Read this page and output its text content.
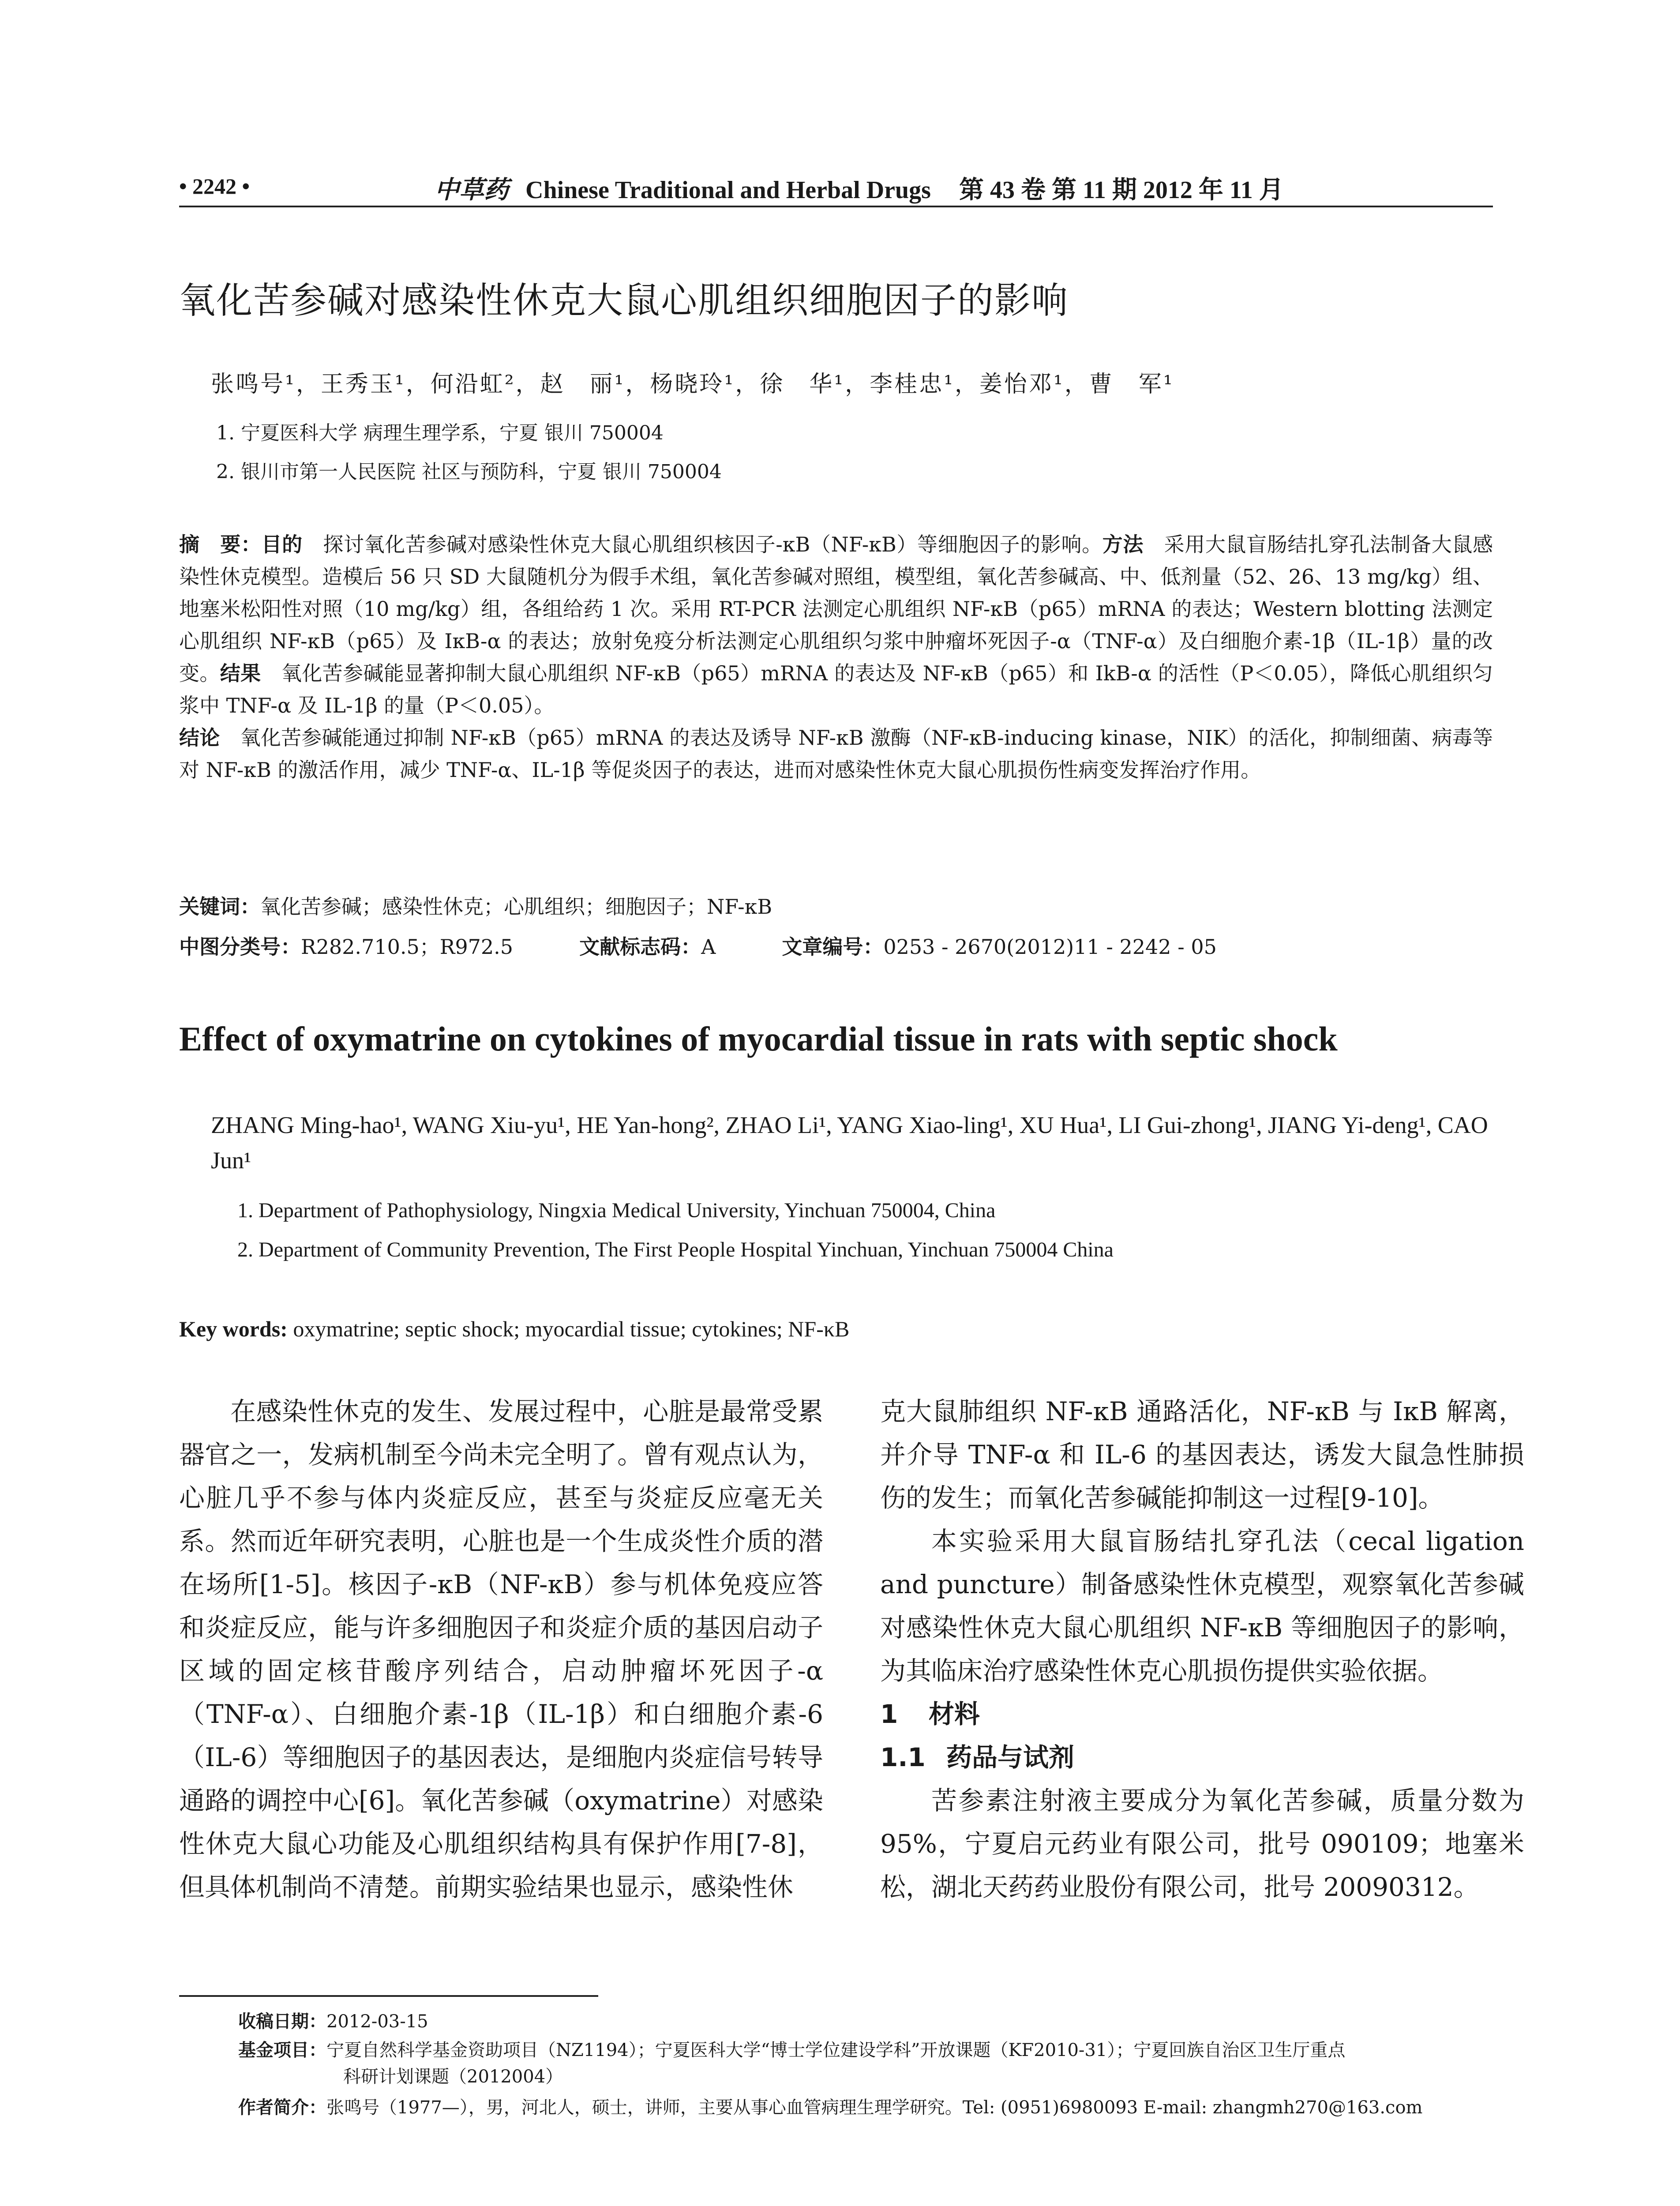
• 2242 •	中草药 Chinese Traditional and Herbal Drugs 第 43 卷 第 11 期 2012 年 11 月
氧化苦参碱对感染性休克大鼠心肌组织细胞因子的影响
张鸣号¹，王秀玉¹，何沿虹²，赵　丽¹，杨晓玲¹，徐　华¹，李桂忠¹，姜怡邓¹，曹　军¹
1. 宁夏医科大学 病理生理学系，宁夏 银川 750004
2. 银川市第一人民医院 社区与预防科，宁夏 银川 750004

摘　要：目的　探讨氧化苦参碱对感染性休克大鼠心肌组织核因子-κB（NF-κB）等细胞因子的影响。方法　采用大鼠盲肠结扎穿孔法制备大鼠感染性休克模型。造模后 56 只 SD 大鼠随机分为假手术组，氧化苦参碱对照组，模型组，氧化苦参碱高、中、低剂量（52、26、13 mg/kg）组、地塞米松阳性对照（10 mg/kg）组，各组给药 1 次。采用 RT-PCR 法测定心肌组织 NF-κB（p65）mRNA 的表达；Western blotting 法测定心肌组织 NF-κB（p65）及 IκB-α 的表达；放射免疫分析法测定心肌组织匀浆中肿瘤坏死因子-α（TNF-α）及白细胞介素-1β（IL-1β）量的改变。结果　氧化苦参碱能显著抑制大鼠心肌组织 NF-κB（p65）mRNA 的表达及 NF-κB（p65）和 IkB-α 的活性（P＜0.05），降低心肌组织匀浆中 TNF-α 及 IL-1β 的量（P＜0.05）。

结论　氧化苦参碱能通过抑制 NF-κB（p65）mRNA 的表达及诱导 NF-κB 激酶（NF-κB-inducing kinase，NIK）的活化，抑制细菌、病毒等对 NF-κB 的激活作用，减少 TNF-α、IL-1β 等促炎因子的表达，进而对感染性休克大鼠心肌损伤性病变发挥治疗作用。

关键词：氧化苦参碱；感染性休克；心肌组织；细胞因子；NF-κB
中图分类号：R282.710.5；R972.5	文献标志码：A	文章编号：0253 - 2670(2012)11 - 2242 - 05
Effect of oxymatrine on cytokines of myocardial tissue in rats with septic shock
ZHANG Ming-hao¹, WANG Xiu-yu¹, HE Yan-hong², ZHAO Li¹, YANG Xiao-ling¹, XU Hua¹, LI Gui-zhong¹, JIANG Yi-deng¹, CAO Jun¹
1. Department of Pathophysiology, Ningxia Medical University, Yinchuan 750004, China
2. Department of Community Prevention, The First People Hospital Yinchuan, Yinchuan 750004 China
Key words: oxymatrine; septic shock; myocardial tissue; cytokines; NF-κB

在感染性休克的发生、发展过程中，心脏是最常受累器官之一，发病机制至今尚未完全明了。曾有观点认为，心脏几乎不参与体内炎症反应，甚至与炎症反应毫无关系。然而近年研究表明，心脏也是一个生成炎性介质的潜在场所[1-5]。核因子-κB（NF-κB）参与机体免疫应答和炎症反应，能与许多细胞因子和炎症介质的基因启动子区域的固定核苷酸序列结合，启动肿瘤坏死因子-α（TNF-α）、白细胞介素-1β（IL-1β）和白细胞介素-6（IL-6）等细胞因子的基因表达，是细胞内炎症信号转导通路的调控中心[6]。氧化苦参碱（oxymatrine）对感染性休克大鼠心功能及心肌组织结构具有保护作用[7-8]，但具体机制尚不清楚。前期实验结果也显示，感染性休

克大鼠肺组织 NF-κB 通路活化，NF-κB 与 IκB 解离，并介导 TNF-α 和 IL-6 的基因表达，诱发大鼠急性肺损伤的发生；而氧化苦参碱能抑制这一过程[9-10]。

本实验采用大鼠盲肠结扎穿孔法（cecal ligation and puncture）制备感染性休克模型，观察氧化苦参碱对感染性休克大鼠心肌组织 NF-κB 等细胞因子的影响，为其临床治疗感染性休克心肌损伤提供实验依据。

1 材料
1.1 药品与试剂

苦参素注射液主要成分为氧化苦参碱，质量分数为 95%，宁夏启元药业有限公司，批号 090109；地塞米松，湖北天药药业股份有限公司，批号 20090312。

收稿日期：2012-03-15
基金项目：宁夏自然科学基金资助项目（NZ1194）；宁夏医科大学“博士学位建设学科”开放课题（KF2010-31）；宁夏回族自治区卫生厅重点
科研计划课题（2012004）
作者简介：张鸣号（1977—），男，河北人，硕士，讲师，主要从事心血管病理生理学研究。Tel: (0951)6980093 E-mail: zhangmh270@163.com
